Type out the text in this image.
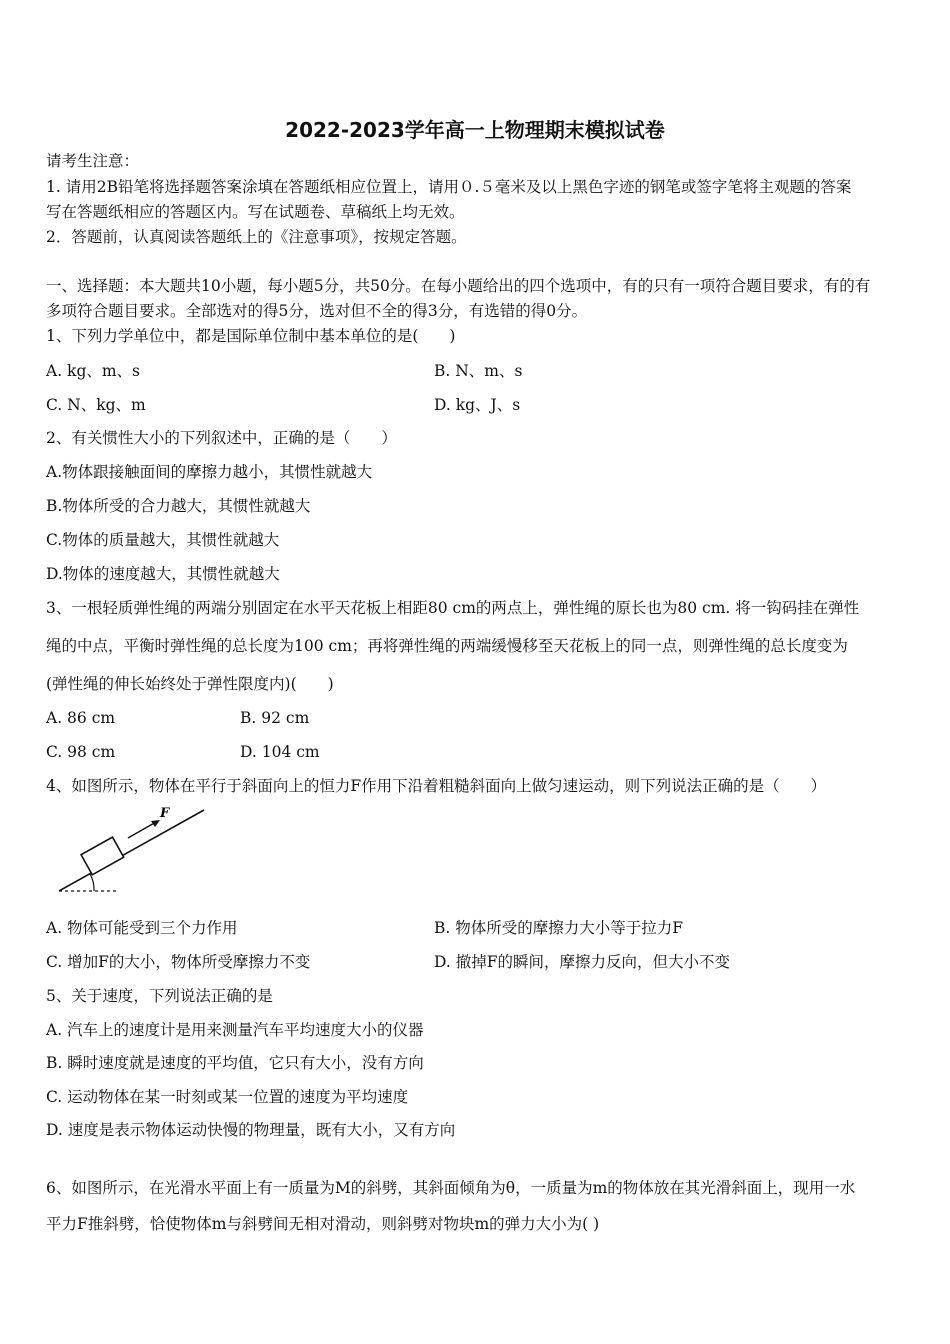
2022-2023学年高一上物理期末模拟试卷
请考生注意：
1. 请用2B铅笔将选择题答案涂填在答题纸相应位置上，请用０.５毫米及以上黑色字迹的钢笔或签字笔将主观题的答案
写在答题纸相应的答题区内。写在试题卷、草稿纸上均无效。
2．答题前，认真阅读答题纸上的《注意事项》，按规定答题。
一、选择题：本大题共10小题，每小题5分，共50分。在每小题给出的四个选项中，有的只有一项符合题目要求，有的有
多项符合题目要求。全部选对的得5分，选对但不全的得3分，有选错的得0分。
1、下列力学单位中，都是国际单位制中基本单位的是(　　)
A. kg、m、s	B. N、m、s
C. N、kg、m	D. kg、J、s
2、有关惯性大小的下列叙述中，正确的是（　　）
A.物体跟接触面间的摩擦力越小，其惯性就越大
B.物体所受的合力越大，其惯性就越大
C.物体的质量越大，其惯性就越大
D.物体的速度越大，其惯性就越大
3、一根轻质弹性绳的两端分别固定在水平天花板上相距80 cm的两点上，弹性绳的原长也为80 cm. 将一钩码挂在弹性
绳的中点，平衡时弹性绳的总长度为100 cm；再将弹性绳的两端缓慢移至天花板上的同一点，则弹性绳的总长度变为
(弹性绳的伸长始终处于弹性限度内)(　　)
A. 86 cm	B. 92 cm
C. 98 cm	D. 104 cm
4、如图所示，物体在平行于斜面向上的恒力F作用下沿着粗糙斜面向上做匀速运动，则下列说法正确的是（　　）
F
A. 物体可能受到三个力作用	B. 物体所受的摩擦力大小等于拉力F
C. 增加F的大小，物体所受摩擦力不变	D. 撤掉F的瞬间，摩擦力反向，但大小不变
5、关于速度，下列说法正确的是
A. 汽车上的速度计是用来测量汽车平均速度大小的仪器
B. 瞬时速度就是速度的平均值，它只有大小，没有方向
C. 运动物体在某一时刻或某一位置的速度为平均速度
D. 速度是表示物体运动快慢的物理量，既有大小，又有方向
6、如图所示，在光滑水平面上有一质量为M的斜劈，其斜面倾角为θ，一质量为m的物体放在其光滑斜面上，现用一水
平力F推斜劈，恰使物体m与斜劈间无相对滑动，则斜劈对物块m的弹力大小为( )
